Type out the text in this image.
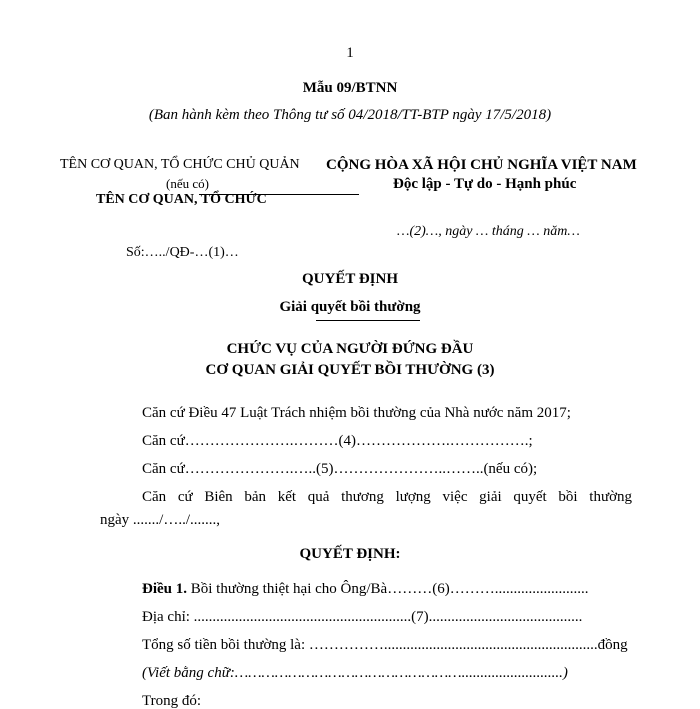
1
Mẫu 09/BTNN
(Ban hành kèm theo Thông tư số 04/2018/TT-BTP ngày 17/5/2018)
TÊN CƠ QUAN, TỔ CHỨC CHỦ QUẢN
(nếu có)
TÊN CƠ QUAN, TỔ CHỨC
CỘNG HÒA XÃ HỘI CHỦ NGHĨA VIỆT NAM
Độc lập - Tự do - Hạnh phúc
…(2)…, ngày … tháng … năm…
Số:…../QĐ-…(1)…
QUYẾT ĐỊNH
Giải quyết bồi thường
CHỨC VỤ CỦA NGƯỜI ĐỨNG ĐẦU
CƠ QUAN GIẢI QUYẾT BỒI THƯỜNG (3)
Căn cứ Điều 47 Luật Trách nhiệm bồi thường của Nhà nước năm 2017;
Căn cứ………………….………(4)……………….…………….;
Căn cứ………………….…..(5)…………………..……..(nếu có);
Căn cứ Biên bản kết quả thương lượng việc giải quyết bồi thường
ngày ......./…../.......,
QUYẾT ĐỊNH:
Điều 1. Bồi thường thiệt hại cho Ông/Bà………(6)……….........................
Địa chỉ: ..........................................................(7).........................................
Tổng số tiền bồi thường là: …………….........................................................đồng
(Viết bằng chữ:……………………………………………...........................)
Trong đó:
